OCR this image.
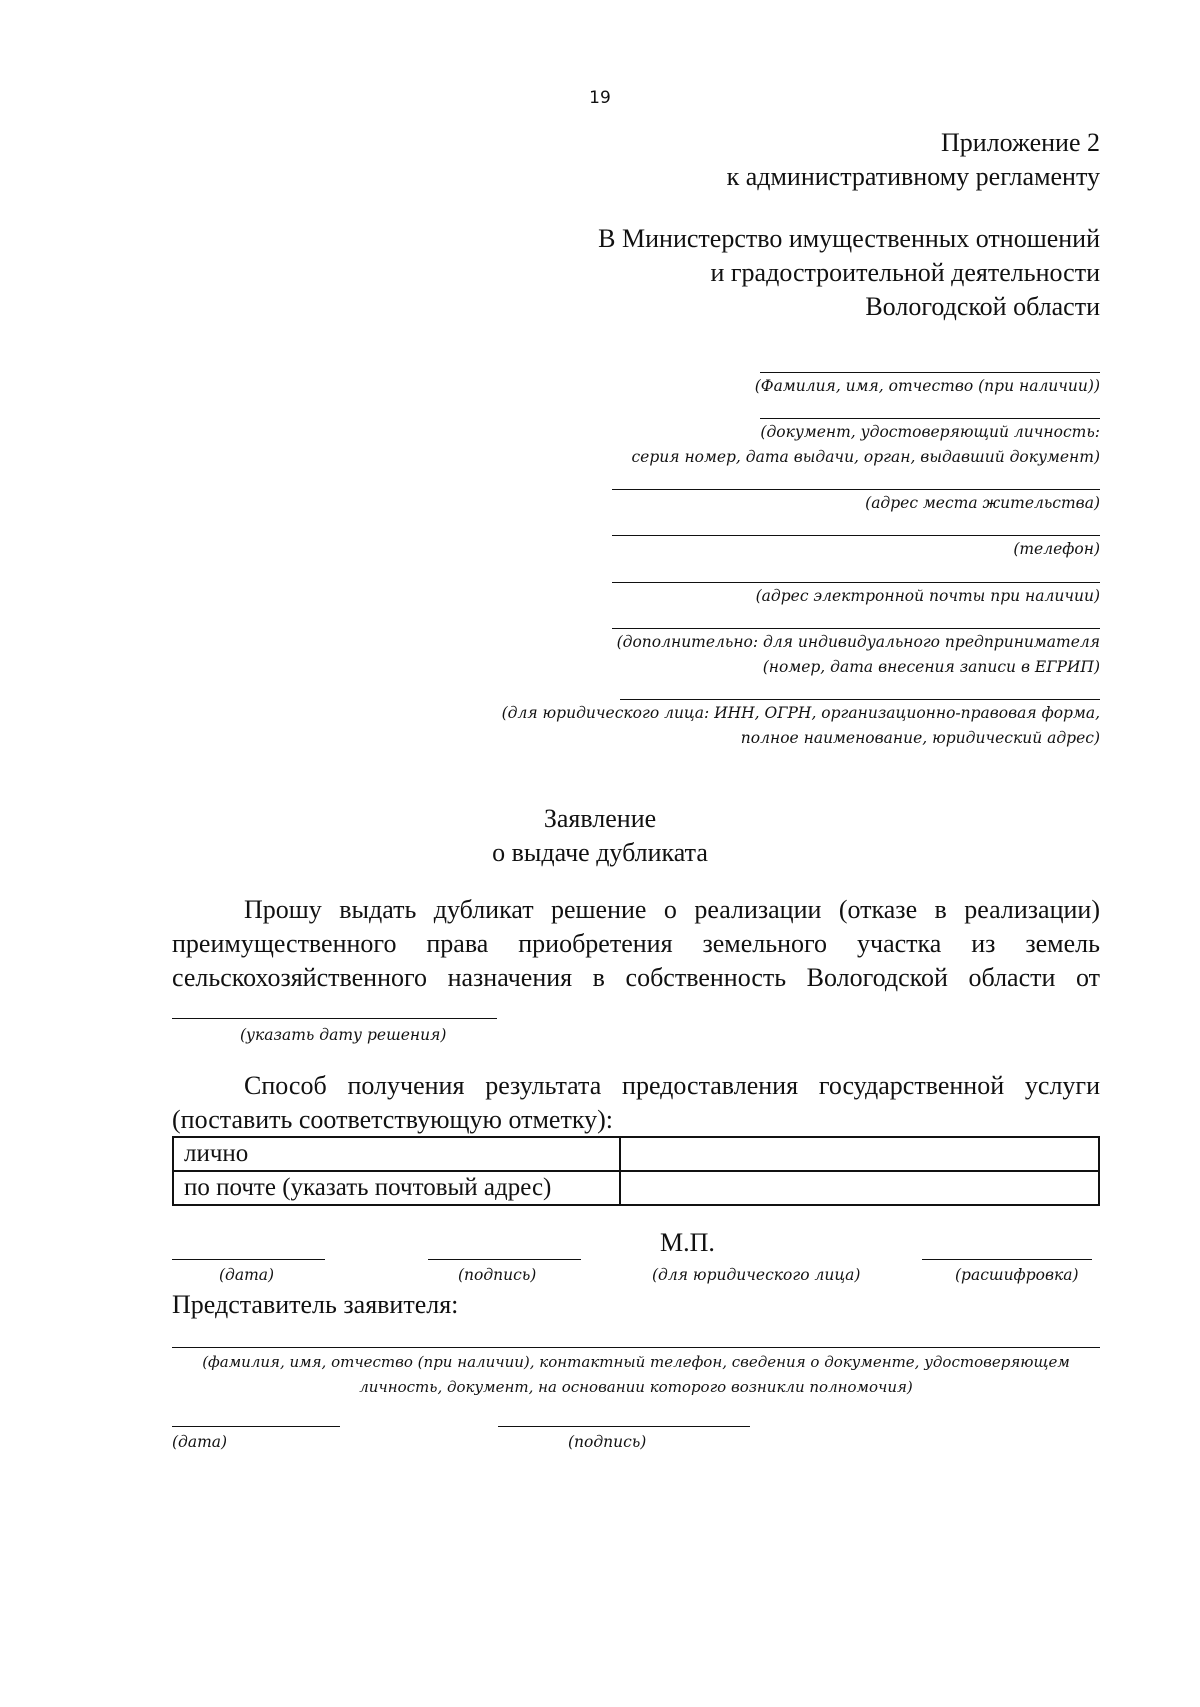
19
Приложение 2
к административному регламенту
В Министерство имущественных отношений
и градостроительной деятельности
Вологодской области
(Фамилия, имя, отчество (при наличии))
(документ, удостоверяющий личность:
серия номер, дата выдачи, орган, выдавший документ)
(адрес места жительства)
(телефон)
(адрес электронной почты при наличии)
(дополнительно: для индивидуального предпринимателя
(номер, дата внесения записи в ЕГРИП)
(для юридического лица: ИНН, ОГРН, организационно-правовая форма,
полное наименование, юридический адрес)
Заявление
о выдаче дубликата
Прошу выдать дубликат решение о реализации (отказе в реализации)
преимущественного права приобретения земельного участка из земель
сельскохозяйственного назначения в собственность Вологодской области от
(указать дату решения)
Способ получения результата предоставления государственной услуги
(поставить соответствующую отметку):
лично	
по почте (указать почтовый адрес)	
М.П.
(дата)	(подпись)	(для юридического лица)	(расшифровка)
Представитель заявителя:
(фамилия, имя, отчество (при наличии), контактный телефон, сведения о документе, удостоверяющем
личность, документ, на основании которого возникли полномочия)
(дата)	(подпись)
